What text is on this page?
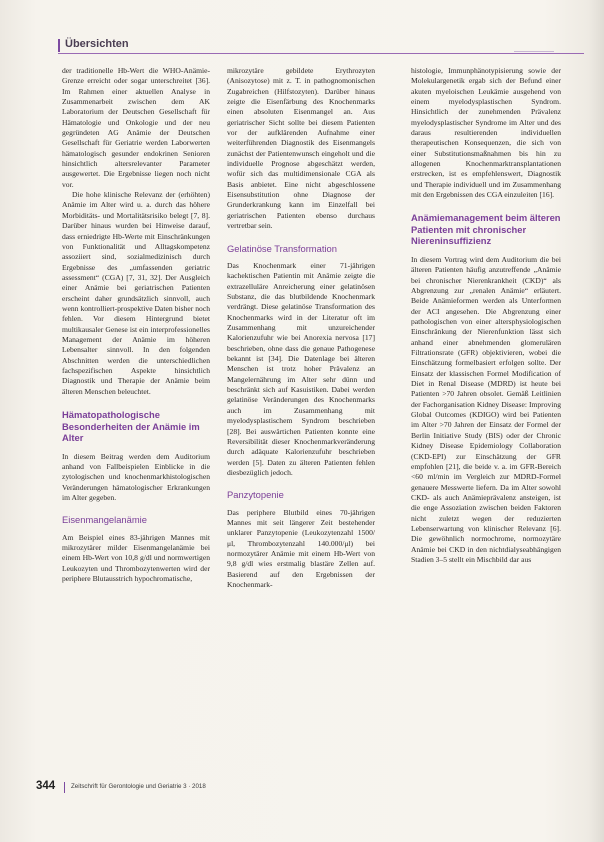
Übersichten

der traditionelle Hb-Wert die WHO-Anämie-Grenze erreicht oder sogar unterschreitet [36]. Im Rahmen einer aktuellen Analyse in Zusammenarbeit zwischen dem AK Laboratorium der Deutschen Gesellschaft für Hämatologie und Onkologie und der neu gegründeten AG Anämie der Deutschen Gesellschaft für Geriatrie werden Laborwerten hämatologisch gesunder endokrinen Senioren hinsichtlich altersrelevanter Parameter ausgewertet. Die Ergebnisse liegen noch nicht vor.

Die hohe klinische Relevanz der (erhöhten) Anämie im Alter wird u. a. durch das höhere Morbiditäts- und Mortalitätsrisiko belegt [7, 8]. Darüber hinaus wurden bei Hinweise darauf, dass erniedrigte Hb-Werte mit Einschränkungen von Funktionalität und Alltagskompetenz assoziiert sind, sozialmedizinisch durch Ergebnisse des „umfassenden geriatric assessment“ (CGA) [7, 31, 32]. Der Ausgleich einer Anämie bei geriatrischen Patienten erscheint daher grundsätzlich sinnvoll, auch wenn kontrolliert-prospektive Daten bisher noch fehlen. Vor diesem Hintergrund bietet multikausaler Genese ist ein interprofessionelles Management der Anämie im höheren Lebensalter sinnvoll. In den folgenden Abschnitten werden die unterschiedlichen fachspezifischen Aspekte hinsichtlich Diagnostik und Therapie der Anämie beim älteren Menschen beleuchtet.

Hämatopathologische Besonderheiten der Anämie im Alter

In diesem Beitrag werden dem Auditorium anhand von Fallbeispielen Einblicke in die zytologischen und knochenmarkhistologischen Veränderungen hämatologischer Erkrankungen im Alter gegeben.

Eisenmangelanämie

Am Beispiel eines 83-jährigen Mannes mit mikrozytärer milder Eisenmangelanämie bei einem Hb-Wert von 10,8 g/dl und normwertigen Leukozyten und Thrombozytenwerten wird der periphere Blutausstrich hypochromatische,

mikrozytäre gebildete Erythrozyten (Anisozytose) mit z. T. in pathognomonischen Zugabreichen (Hilfstozyten). Darüber hinaus zeigte die Eisenfärbung des Knochenmarks einen absoluten Eisenmangel an. Aus geriatrischer Sicht sollte bei diesem Patienten vor der aufklärenden Aufnahme einer weiterführenden Diagnostik des Eisenmangels zunächst der Patientenwunsch eingeholt und die individuelle Prognose abgeschätzt werden, wofür sich das multidimensionale CGA als Basis anbietet. Eine nicht abgeschlossene Eisensubstitution ohne Diagnose der Grunderkrankung kann im Einzelfall bei geriatrischen Patienten ebenso durchaus vertretbar sein.

Gelatinöse Transformation

Das Knochenmark einer 71-jährigen kachektischen Patientin mit Anämie zeigte die extrazelluläre Anreicherung einer gelatinösen Substanz, die das blutbildende Knochenmark verdrängt. Diese gelatinöse Transformation des Knochenmarks wird in der Literatur oft im Zusammenhang mit unzureichender Kalorienzufuhr wie bei Anorexia nervosa [17] beschrieben, ohne dass die genaue Pathogenese bekannt ist [34]. Die Datenlage bei älteren Menschen ist trotz hoher Prävalenz an Mangelernährung im Alter sehr dünn und beschränkt sich auf Kasuistiken. Dabei werden gelatinöse Veränderungen des Knochenmarks auch im Zusammenhang mit myelodysplastischem Syndrom beschrieben [28]. Bei auswärtichen Patienten konnte eine Reversibilität dieser Knochenmarkveränderung durch adäquate Kalorienzufuhr beschrieben werden [5]. Daten zu älteren Patienten fehlen diesbezüglich jedoch.

Panzytopenie

Das periphere Blutbild eines 70-jährigen Mannes mit seit längerer Zeit bestehender unklarer Panzytopenie (Leukozytenzahl 1500/μl, Thrombozytenzahl 140.000/μl) bei normozytärer Anämie mit einem Hb-Wert von 9,8 g/dl wies erstmalig blastäre Zellen auf. Basierend auf den Ergebnissen der Knochenmark-

histologie, Immunphänotypisierung sowie der Molekulargenetik ergab sich der Befund einer akuten myeloischen Leukämie ausgehend von einem myelodysplastischen Syndrom. Hinsichtlich der zunehmenden Prävalenz myelodysplastischer Syndrome im Alter und des daraus resultierenden individuellen therapeutischen Konsequenzen, die sich von einer Substitutionsmaßnahmen bis hin zu allogenen Knochenmarktransplantationen erstrecken, ist es empfehlenswert, Diagnostik und Therapie individuell und im Zusammenhang mit den Ergebnissen des CGA einzuleiten [16].

Anämiemanagement beim älteren Patienten mit chronischer Niereninsuffizienz

In diesem Vortrag wird dem Auditorium die bei älteren Patienten häufig anzutreffende „Anämie bei chronischer Nierenkrankheit (CKD)“ als Abgrenzung zur „renalen Anämie“ erläutert. Beide Anämieformen werden als Unterformen der ACI angesehen. Die Abgrenzung einer pathologischen von einer altersphysiologischen Einschränkung der Nierenfunktion lässt sich anhand einer abnehmenden glomerulären Filtrationsrate (GFR) objektivieren, wobei die Einschätzung formelbasiert erfolgen sollte. Der Einsatz der klassischen Formel Modification of Diet in Renal Disease (MDRD) ist heute bei Patienten >70 Jahren obsolet. Gemäß Leitlinien der Fachorganisation Kidney Disease: Improving Global Outcomes (KDIGO) wird bei Patienten im Alter >70 Jahren der Einsatz der Formel der Berlin Initiative Study (BIS) oder der Chronic Kidney Disease Epidemiology Collaboration (CKD-EPI) zur Einschätzung der GFR empfohlen [21], die beide v. a. im GFR-Bereich <60 ml/min im Vergleich zur MDRD-Formel genauere Messwerte liefern. Da im Alter sowohl CKD- als auch Anämieprävalenz ansteigen, ist die enge Assoziation zwischen beiden Faktoren nicht zuletzt wegen der reduzierten Lebenserwartung von klinischer Relevanz [6]. Die gewöhnlich normochrome, normozytäre Anämie bei CKD in den nichtdialyseabhängigen Stadien 3–5 stellt ein Mischbild dar aus

344	Zeitschrift für Gerontologie und Geriatrie 3 · 2018
